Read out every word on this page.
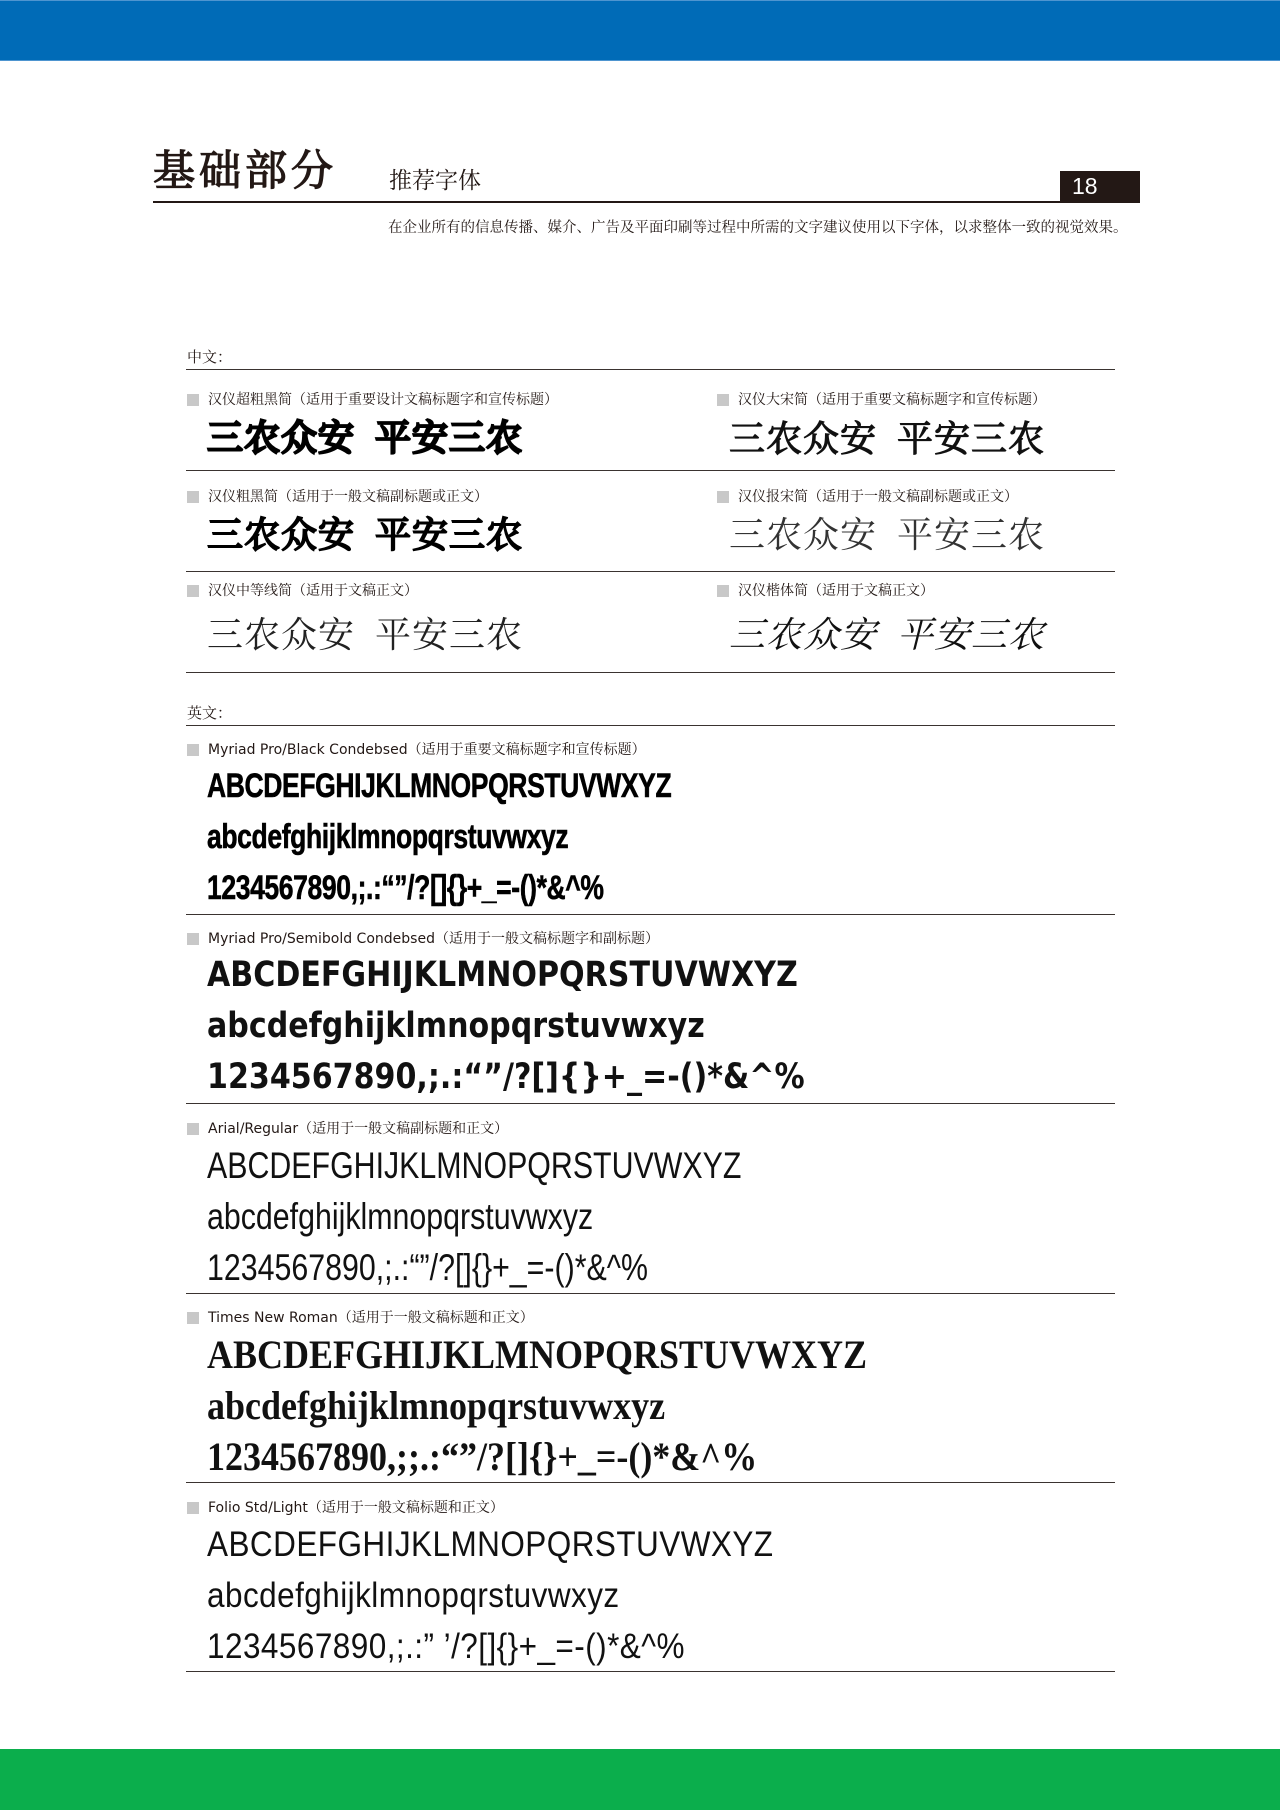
基础部分 推荐字体	18
在企业所有的信息传播、媒介、广告及平面印刷等过程中所需的文字建议使用以下字体，以求整体一致的视觉效果。
中文：
汉仪超粗黑简（适用于重要设计文稿标题字和宣传标题）
三农众安 平安三农
汉仪大宋简（适用于重要文稿标题字和宣传标题）
三农众安 平安三农
汉仪粗黑简（适用于一般文稿副标题或正文）
三农众安 平安三农
汉仪报宋简（适用于一般文稿副标题或正文）
三农众安 平安三农
汉仪中等线简（适用于文稿正文）
三农众安 平安三农
汉仪楷体简（适用于文稿正文）
三农众安 平安三农
英文：
Myriad Pro/Black Condebsed（适用于重要文稿标题字和宣传标题）
ABCDEFGHIJKLMNOPQRSTUVWXYZ
abcdefghijklmnopqrstuvwxyz
1234567890,;.:“”/?[]{}+_=-()*&^%
Myriad Pro/Semibold Condebsed（适用于一般文稿标题字和副标题）
ABCDEFGHIJKLMNOPQRSTUVWXYZ
abcdefghijklmnopqrstuvwxyz
1234567890,;.:“”/?[]{}+_=-()*&^%
Arial/Regular（适用于一般文稿副标题和正文）
ABCDEFGHIJKLMNOPQRSTUVWXYZ
abcdefghijklmnopqrstuvwxyz
1234567890,;.:“”/?[]{}+_=-()*&^%
Times New Roman（适用于一般文稿标题和正文）
ABCDEFGHIJKLMNOPQRSTUVWXYZ
abcdefghijklmnopqrstuvwxyz
1234567890,;;.:“”/?[]{}+_=-()*&^%
Folio Std/Light（适用于一般文稿标题和正文）
ABCDEFGHIJKLMNOPQRSTUVWXYZ
abcdefghijklmnopqrstuvwxyz
1234567890,;.:” ’/?[]{}+_=-()*&^%
